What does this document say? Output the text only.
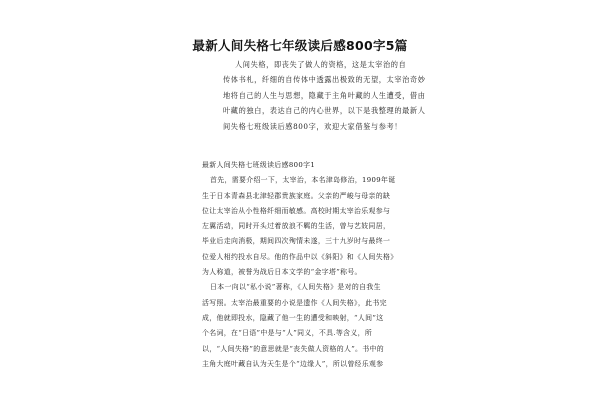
最新人间失格七年级读后感800字5篇
人间失格，即丧失了做人的资格，这是太宰治的自
传体书札，纤细的自传体中透露出极致的无望，太宰治奇妙
地将自己的人生与思想，隐藏于主角叶藏的人生遭受，借由
叶藏的独白，表达自己的内心世界，以下是我整理的最新人
间失格七班级读后感800字，欢迎大家借鉴与参考！
最新人间失格七班级读后感800字1
首先，需要介绍一下，太宰治，本名津岛修治，1909年诞
生于日本青森县北津轻郡贵族家庭。父亲的严峻与母亲的缺
位让太宰治从小性格纤细而敏感。高校时期太宰治乐观参与
左翼活动，同时开头过着放浪不羁的生活，曾与艺妓同居，
毕业后走向消极，期间四次殉情未遂，三十九岁时与最终一
位爱人相约投水自尽。他的作品中以《斜阳》和《人间失格》
为人称道，被誉为战后日本文学的“金字塔”称号。
日本一向以“私小说”著称，《人间失格》是对的自我生
活写照。太宰治最重要的小说是遗作《人间失格》，此书完
成，他就即投水，隐藏了他一生的遭受和映射，“人间”这
个名词，在“日语”中是与“人”同义，不具.等含义，所
以，“人间失格”的意思就是“丧失做人资格的人”。书中的
主角大庭叶藏自认为天生是个“边缘人”，所以曾经乐观参
